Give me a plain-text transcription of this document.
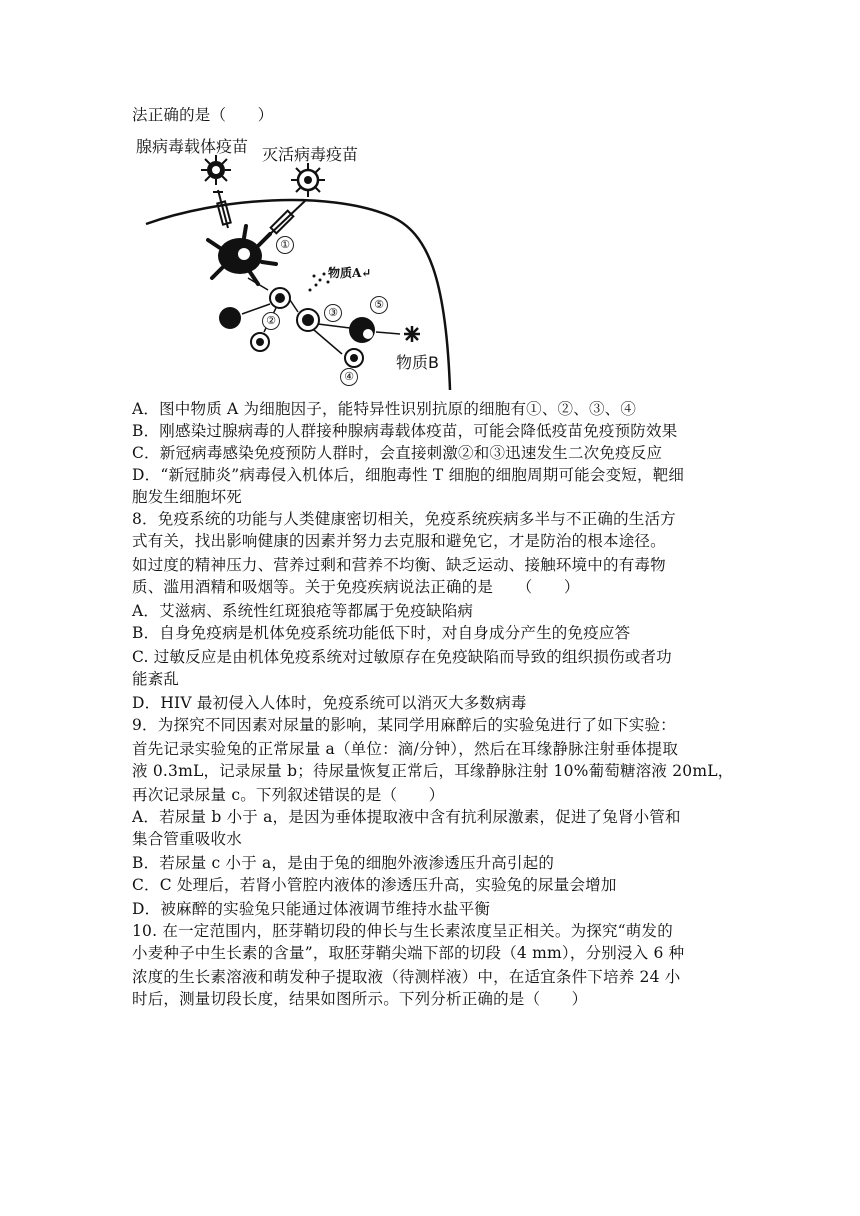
法正确的是（　　）
腺病毒载体疫苗 灭活病毒疫苗
①
②
③
④
⑤
物质A↵
物质B
A．图中物质 A 为细胞因子，能特异性识别抗原的细胞有①、②、③、④
B．刚感染过腺病毒的人群接种腺病毒载体疫苗，可能会降低疫苗免疫预防效果
C．新冠病毒感染免疫预防人群时，会直接刺激②和③迅速发生二次免疫反应
D．“新冠肺炎”病毒侵入机体后，细胞毒性 T 细胞的细胞周期可能会变短，靶细
胞发生细胞坏死
8．免疫系统的功能与人类健康密切相关，免疫系统疾病多半与不正确的生活方
式有关，找出影响健康的因素并努力去克服和避免它，才是防治的根本途径。
如过度的精神压力、营养过剩和营养不均衡、缺乏运动、接触环境中的有毒物
质、滥用酒精和吸烟等。关于免疫疾病说法正确的是　　（　　）
A．艾滋病、系统性红斑狼疮等都属于免疫缺陷病
B．自身免疫病是机体免疫系统功能低下时，对自身成分产生的免疫应答
C. 过敏反应是由机体免疫系统对过敏原存在免疫缺陷而导致的组织损伤或者功
能紊乱
D．HIV 最初侵入人体时，免疫系统可以消灭大多数病毒
9．为探究不同因素对尿量的影响，某同学用麻醉后的实验兔进行了如下实验：
首先记录实验兔的正常尿量 a（单位：滴/分钟），然后在耳缘静脉注射垂体提取
液 0.3mL，记录尿量 b；待尿量恢复正常后，耳缘静脉注射 10%葡萄糖溶液 20mL，
再次记录尿量 c。下列叙述错误的是（　　）
A．若尿量 b 小于 a，是因为垂体提取液中含有抗利尿激素，促进了兔肾小管和
集合管重吸收水
B．若尿量 c 小于 a，是由于兔的细胞外液渗透压升高引起的
C．C 处理后，若肾小管腔内液体的渗透压升高，实验兔的尿量会增加
D．被麻醉的实验兔只能通过体液调节维持水盐平衡
10. 在一定范围内，胚芽鞘切段的伸长与生长素浓度呈正相关。为探究“萌发的
小麦种子中生长素的含量”，取胚芽鞘尖端下部的切段（4 mm），分别浸入 6 种
浓度的生长素溶液和萌发种子提取液（待测样液）中，在适宜条件下培养 24 小
时后，测量切段长度，结果如图所示。下列分析正确的是（　　）
